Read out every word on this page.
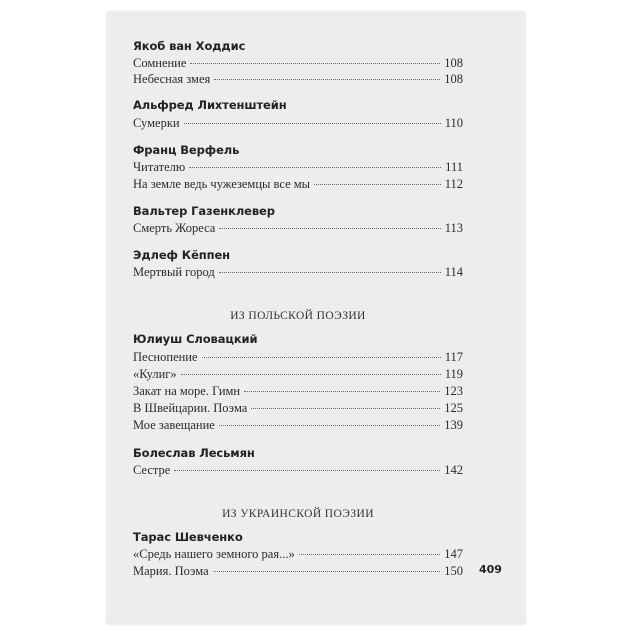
Якоб ван Ходдис
Сомнение	108
Небесная змея	108
Альфред Лихтенштейн
Сумерки	110
Франц Верфель
Читателю	111
На земле ведь чужеземцы все мы	112
Вальтер Газенклевер
Смерть Жореса	113
Эдлеф Кёппен
Мертвый город	114
ИЗ ПОЛЬСКОЙ ПОЭЗИИ
Юлиуш Словацкий
Песнопение	117
«Кулиг»	119
Закат на море. Гимн	123
В Швейцарии. Поэма	125
Мое завещание	139
Болеслав Лесьмян
Сестре	142
ИЗ УКРАИНСКОЙ ПОЭЗИИ
Тарас Шевченко
«Средь нашего земного рая...»	147
Мария. Поэма	150 409
